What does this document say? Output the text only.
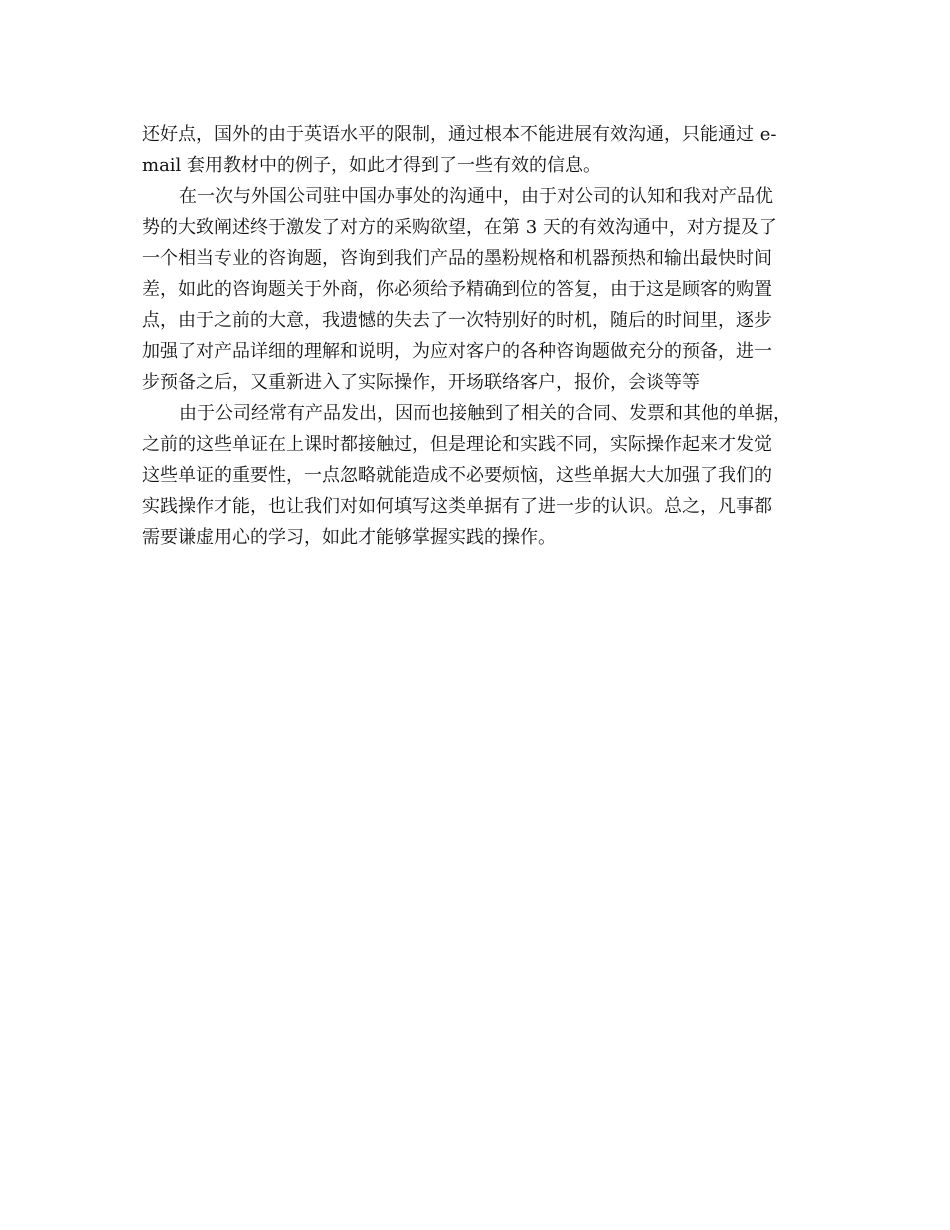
还好点，国外的由于英语水平的限制，通过根本不能进展有效沟通，只能通过 e-
mail 套用教材中的例子，如此才得到了一些有效的信息。
在一次与外国公司驻中国办事处的沟通中，由于对公司的认知和我对产品优
势的大致阐述终于激发了对方的采购欲望，在第 3 天的有效沟通中，对方提及了
一个相当专业的咨询题，咨询到我们产品的墨粉规格和机器预热和输出最快时间
差，如此的咨询题关于外商，你必须给予精确到位的答复，由于这是顾客的购置
点，由于之前的大意，我遗憾的失去了一次特别好的时机，随后的时间里，逐步
加强了对产品详细的理解和说明，为应对客户的各种咨询题做充分的预备，进一
步预备之后，又重新进入了实际操作，开场联络客户，报价，会谈等等
由于公司经常有产品发出，因而也接触到了相关的合同、发票和其他的单据，
之前的这些单证在上课时都接触过，但是理论和实践不同，实际操作起来才发觉
这些单证的重要性，一点忽略就能造成不必要烦恼，这些单据大大加强了我们的
实践操作才能，也让我们对如何填写这类单据有了进一步的认识。总之，凡事都
需要谦虚用心的学习，如此才能够掌握实践的操作。
